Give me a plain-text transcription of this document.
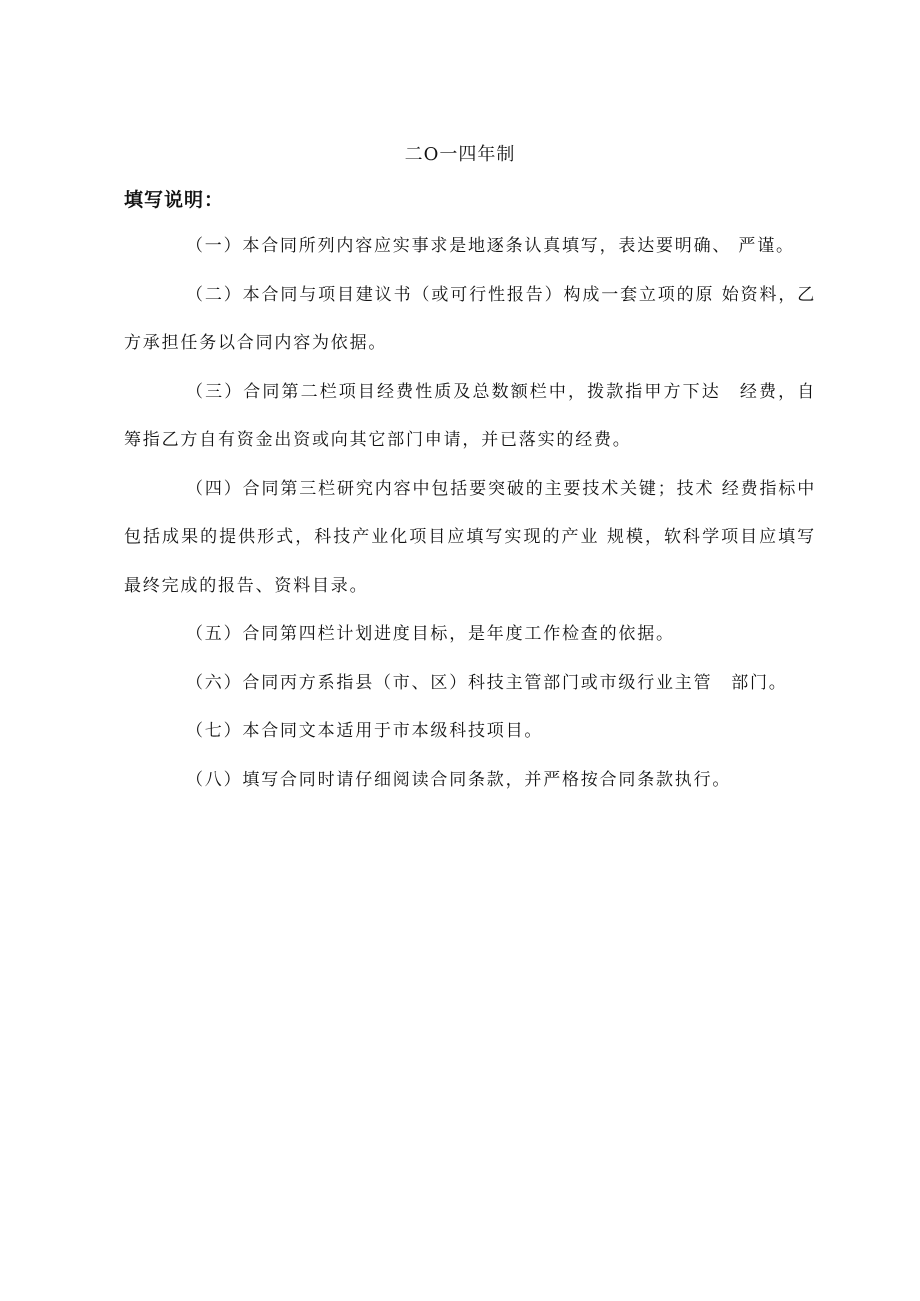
二O一四年制
填写说明：

（一）本合同所列内容应实事求是地逐条认真填写，表达要明确、 严谨。

（二）本合同与项目建议书（或可行性报告）构成一套立项的原 始资料，乙方承担任务以合同内容为依据。

（三）合同第二栏项目经费性质及总数额栏中，拨款指甲方下达　经费，自筹指乙方自有资金出资或向其它部门申请，并已落实的经费。

（四）合同第三栏研究内容中包括要突破的主要技术关键；技术 经费指标中包括成果的提供形式，科技产业化项目应填写实现的产业 规模，软科学项目应填写最终完成的报告、资料目录。

（五）合同第四栏计划进度目标，是年度工作检查的依据。

（六）合同丙方系指县（市、区）科技主管部门或市级行业主管　部门。

（七）本合同文本适用于市本级科技项目。

（八）填写合同时请仔细阅读合同条款，并严格按合同条款执行。
